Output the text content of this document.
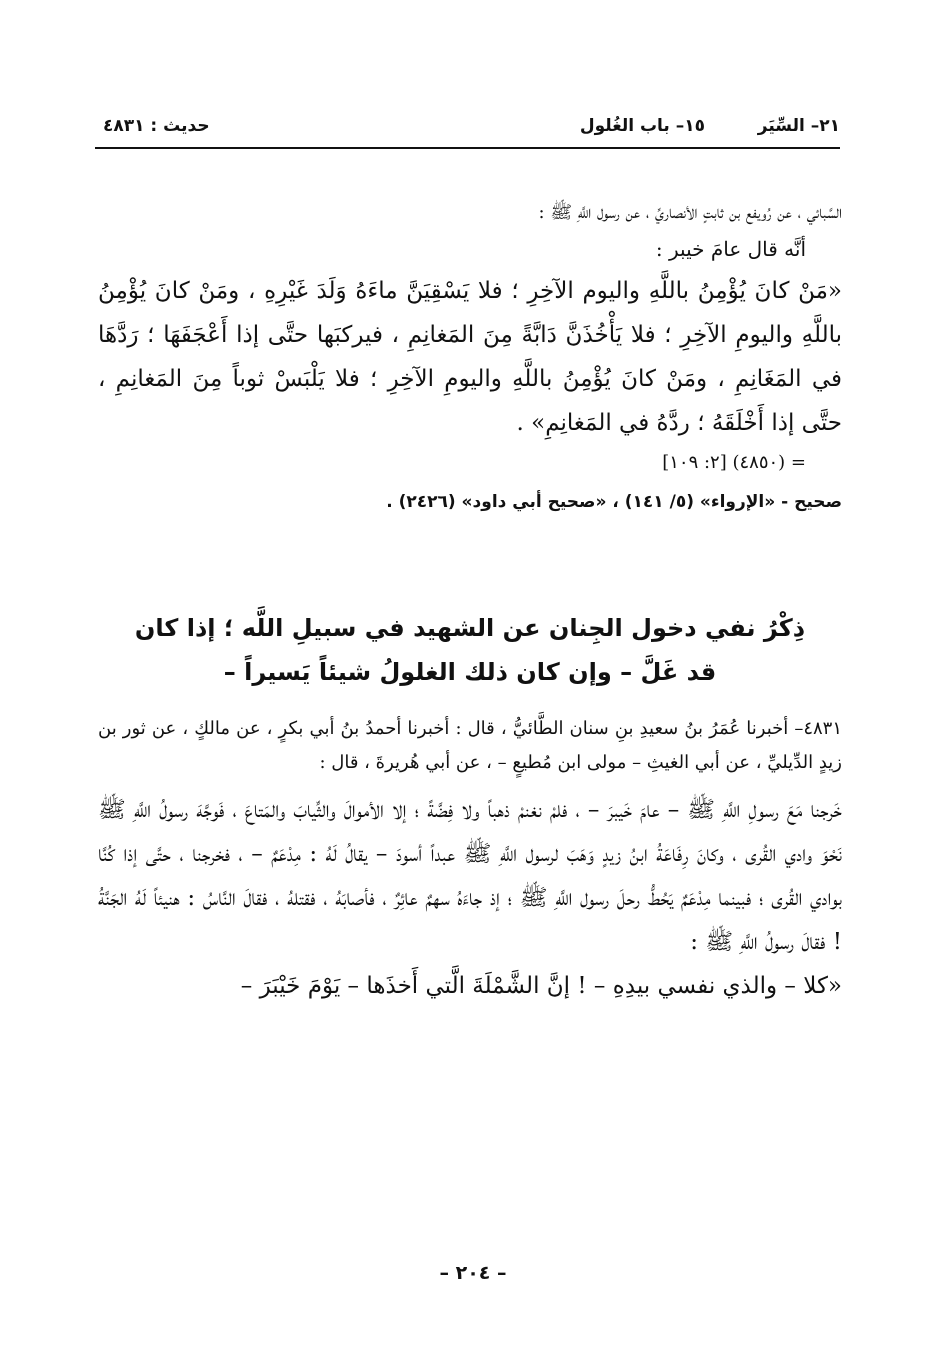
٢١– السِّيَر
١٥– باب الغُلول
حديث : ٤٨٣١

السَّبائي ، عن رُويفع بن ثابتٍ الأنصاريِّ ، عن رسول اللَّهِ ﷺ :

أنَّه قال عامَ خيبر :

«مَنْ كانَ يُؤْمِنُ باللَّهِ واليوم الآخِرِ ؛ فلا يَسْقِيَنَّ ماءَهُ وَلَدَ غَيْرِهِ ، ومَنْ كانَ يُؤْمِنُ باللَّهِ واليومِ الآخِرِ ؛ فلا يَأْخُذَنَّ دَابَّةً مِنَ المَغانِمِ ، فيركبَها حتَّى إذا أَعْجَفَهَا ؛ رَدَّهَا في المَغَانِمِ ، ومَنْ كانَ يُؤْمِنُ باللَّهِ واليومِ الآخِرِ ؛ فلا يَلْبَسْ ثوباً مِنَ المَغانِمِ ، حتَّى إذا أَخْلَقَهُ ؛ ردَّهُ في المَغانِمِ» .

= (٤٨٥٠) [٢: ١٠٩]

صحيح - «الإرواء» (٥/ ١٤١) ، «صحيح أبي داود» (٢٤٢٦) .

ذِكْرُ نفي دخول الجِنان عن الشهيد في سبيلِ اللَّه ؛ إذا كان
قد غَلَّ – وإن كان ذلك الغلولُ شيئاً يَسيراً –

٤٨٣١– أخبرنا عُمَرُ بنُ سعيدِ بنِ سنان الطَّائيُّ ، قال : أخبرنا أحمدُ بنُ أبي بكرٍ ، عن مالكٍ ، عن ثور بن زيدٍ الدِّيليِّ ، عن أبي الغيثِ – مولى ابن مُطيعٍ – ، عن أبي هُريرةَ ، قال :

خَرجنا مَعَ رسولِ اللَّهِ ﷺ – عامَ خَيبرَ – ، فلمْ نغنمْ ذهباً ولا فِضَّةً ؛ إلا الأموالَ والثِّيابَ والمَتاعَ ، فَوجَّهَ رسولُ اللَّهِ ﷺ نَحْوَ وادي القُرى ، وكانَ رِفَاعَةُ ابنُ زيدٍ وَهَبَ لرسول اللَّهِ ﷺ عبداً أسودَ – يقالُ لَهُ : مِدْعَمٌ – ، فخرجنا ، حتَّى إذا كُنَّا بوادي القُرى ؛ فبينما مِدْعَمٌ يَحُطُّ رحلَ رسول اللَّهِ ﷺ ؛ إذ جاءَهُ سهمٌ عائِرٌ ، فأصابَهُ ، فقتلهُ ، فقالَ النَّاسُ : هنيئاً لَهُ الجَنَّةُ ! فقالَ رسولُ اللَّهِ ﷺ :

«كلا – والذي نفسي بيدِهِ – ! إنَّ الشَّمْلَةَ الَّتي أَخذَها – يَوْمَ خَيْبَرَ –

– ٢٠٤ –
